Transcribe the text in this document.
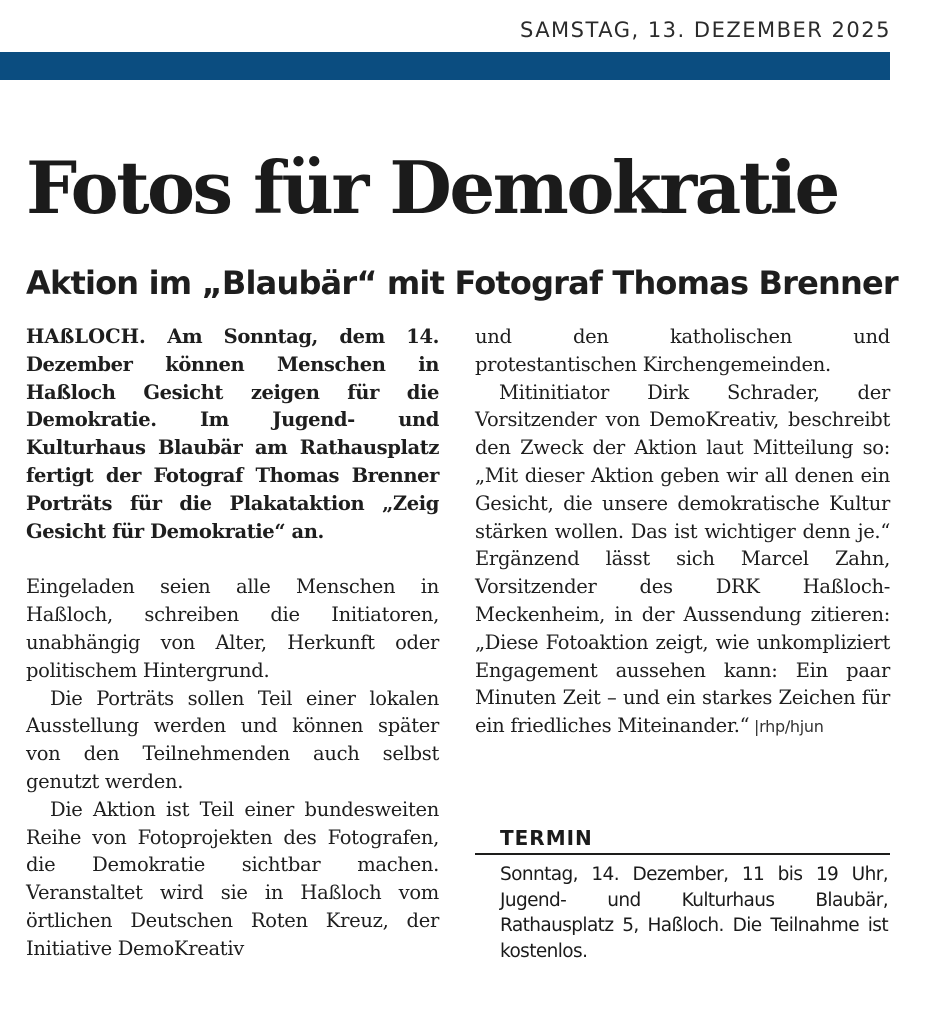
SAMSTAG, 13. DEZEMBER 2025
Fotos für Demokratie
Aktion im „Blaubär“ mit Fotograf Thomas Brenner

HAßLOCH. Am Sonntag, dem 14. Dezember können Menschen in Haßloch Gesicht zeigen für die Demokratie. Im Jugend- und Kulturhaus Blaubär am Rathausplatz fertigt der Fotograf Thomas Brenner Porträts für die Plakataktion „Zeig Gesicht für Demokratie“ an.

Eingeladen seien alle Menschen in Haßloch, schreiben die Initiatoren, unabhängig von Alter, Herkunft oder politischem Hintergrund.

Die Porträts sollen Teil einer lokalen Ausstellung werden und können später von den Teilnehmenden auch selbst genutzt werden.

Die Aktion ist Teil einer bundesweiten Reihe von Fotoprojekten des Fotografen, die Demokratie sichtbar machen. Veranstaltet wird sie in Haßloch vom örtlichen Deutschen Roten Kreuz, der Initiative DemoKreativ

und den katholischen und protestantischen Kirchengemeinden.

Mitinitiator Dirk Schrader, der Vorsitzender von DemoKreativ, beschreibt den Zweck der Aktion laut Mitteilung so: „Mit dieser Aktion geben wir all denen ein Gesicht, die unsere demokratische Kultur stärken wollen. Das ist wichtiger denn je.“ Ergänzend lässt sich Marcel Zahn, Vorsitzender des DRK Haßloch-Meckenheim, in der Aussendung zitieren: „Diese Fotoaktion zeigt, wie unkompliziert Engagement aussehen kann: Ein paar Minuten Zeit – und ein starkes Zeichen für ein friedliches Miteinander.“ |rhp/hjun

TERMIN

Sonntag, 14. Dezember, 11 bis 19 Uhr, Jugend- und Kulturhaus Blaubär, Rathausplatz 5, Haßloch. Die Teilnahme ist kostenlos.
